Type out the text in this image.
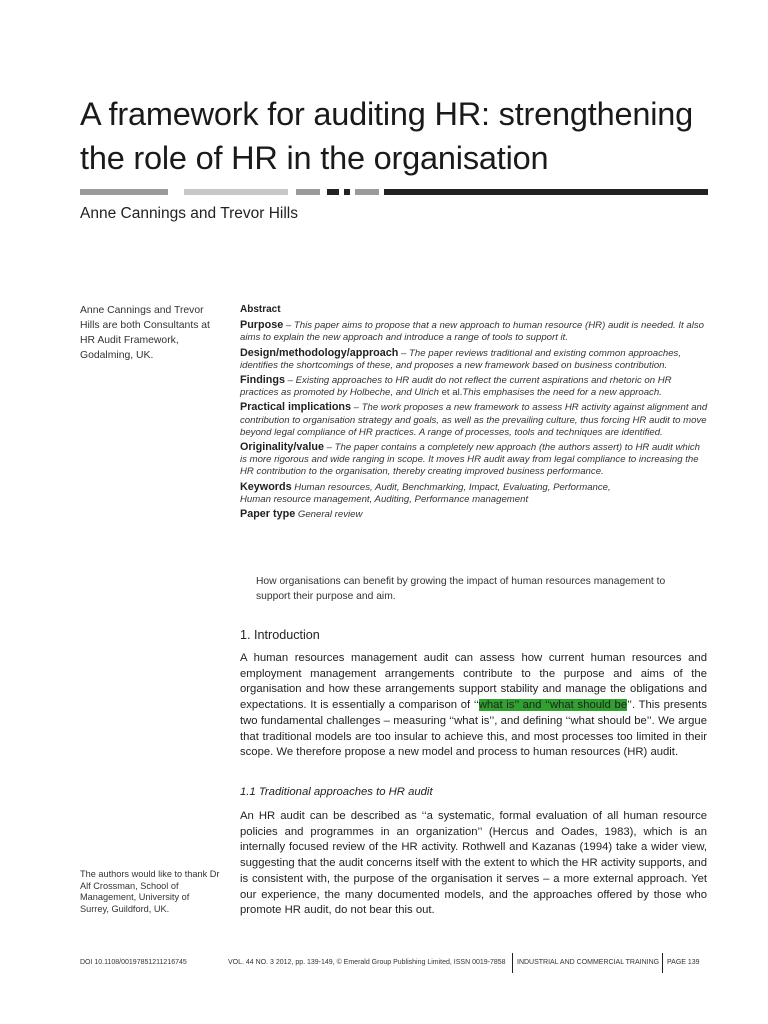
A framework for auditing HR: strengthening the role of HR in the organisation
Anne Cannings and Trevor Hills
Anne Cannings and Trevor Hills are both Consultants at HR Audit Framework, Godalming, UK.
Abstract
Purpose – This paper aims to propose that a new approach to human resource (HR) audit is needed. It also aims to explain the new approach and introduce a range of tools to support it.
Design/methodology/approach – The paper reviews traditional and existing common approaches, identifies the shortcomings of these, and proposes a new framework based on business contribution.
Findings – Existing approaches to HR audit do not reflect the current aspirations and rhetoric on HR practices as promoted by Holbeche, and Ulrich et al.This emphasises the need for a new approach.
Practical implications – The work proposes a new framework to assess HR activity against alignment and contribution to organisation strategy and goals, as well as the prevailing culture, thus forcing HR audit to move beyond legal compliance of HR practices. A range of processes, tools and techniques are identified.
Originality/value – The paper contains a completely new approach (the authors assert) to HR audit which is more rigorous and wide ranging in scope. It moves HR audit away from legal compliance to increasing the HR contribution to the organisation, thereby creating improved business performance.
Keywords Human resources, Audit, Benchmarking, Impact, Evaluating, Performance,
Human resource management, Auditing, Performance management
Paper type General review
How organisations can benefit by growing the impact of human resources management to support their purpose and aim.
1. Introduction
A human resources management audit can assess how current human resources and employment management arrangements contribute to the purpose and aims of the organisation and how these arrangements support stability and manage the obligations and expectations. It is essentially a comparison of ‘‘what is’’ and ‘‘what should be’’. This presents two fundamental challenges – measuring ‘‘what is’’, and defining ‘‘what should be’’. We argue that traditional models are too insular to achieve this, and most processes too limited in their scope. We therefore propose a new model and process to human resources (HR) audit.
1.1 Traditional approaches to HR audit
An HR audit can be described as ‘‘a systematic, formal evaluation of all human resource policies and programmes in an organization’’ (Hercus and Oades, 1983), which is an internally focused review of the HR activity. Rothwell and Kazanas (1994) take a wider view, suggesting that the audit concerns itself with the extent to which the HR activity supports, and is consistent with, the purpose of the organisation it serves – a more external approach. Yet our experience, the many documented models, and the approaches offered by those who promote HR audit, do not bear this out.
The authors would like to thank Dr Alf Crossman, School of Management, University of Surrey, Guildford, UK.
DOI 10.1108/00197851211216745	VOL. 44 NO. 3 2012, pp. 139-149, © Emerald Group Publishing Limited, ISSN 0019-7858 INDUSTRIAL AND COMMERCIAL TRAINING PAGE 139
